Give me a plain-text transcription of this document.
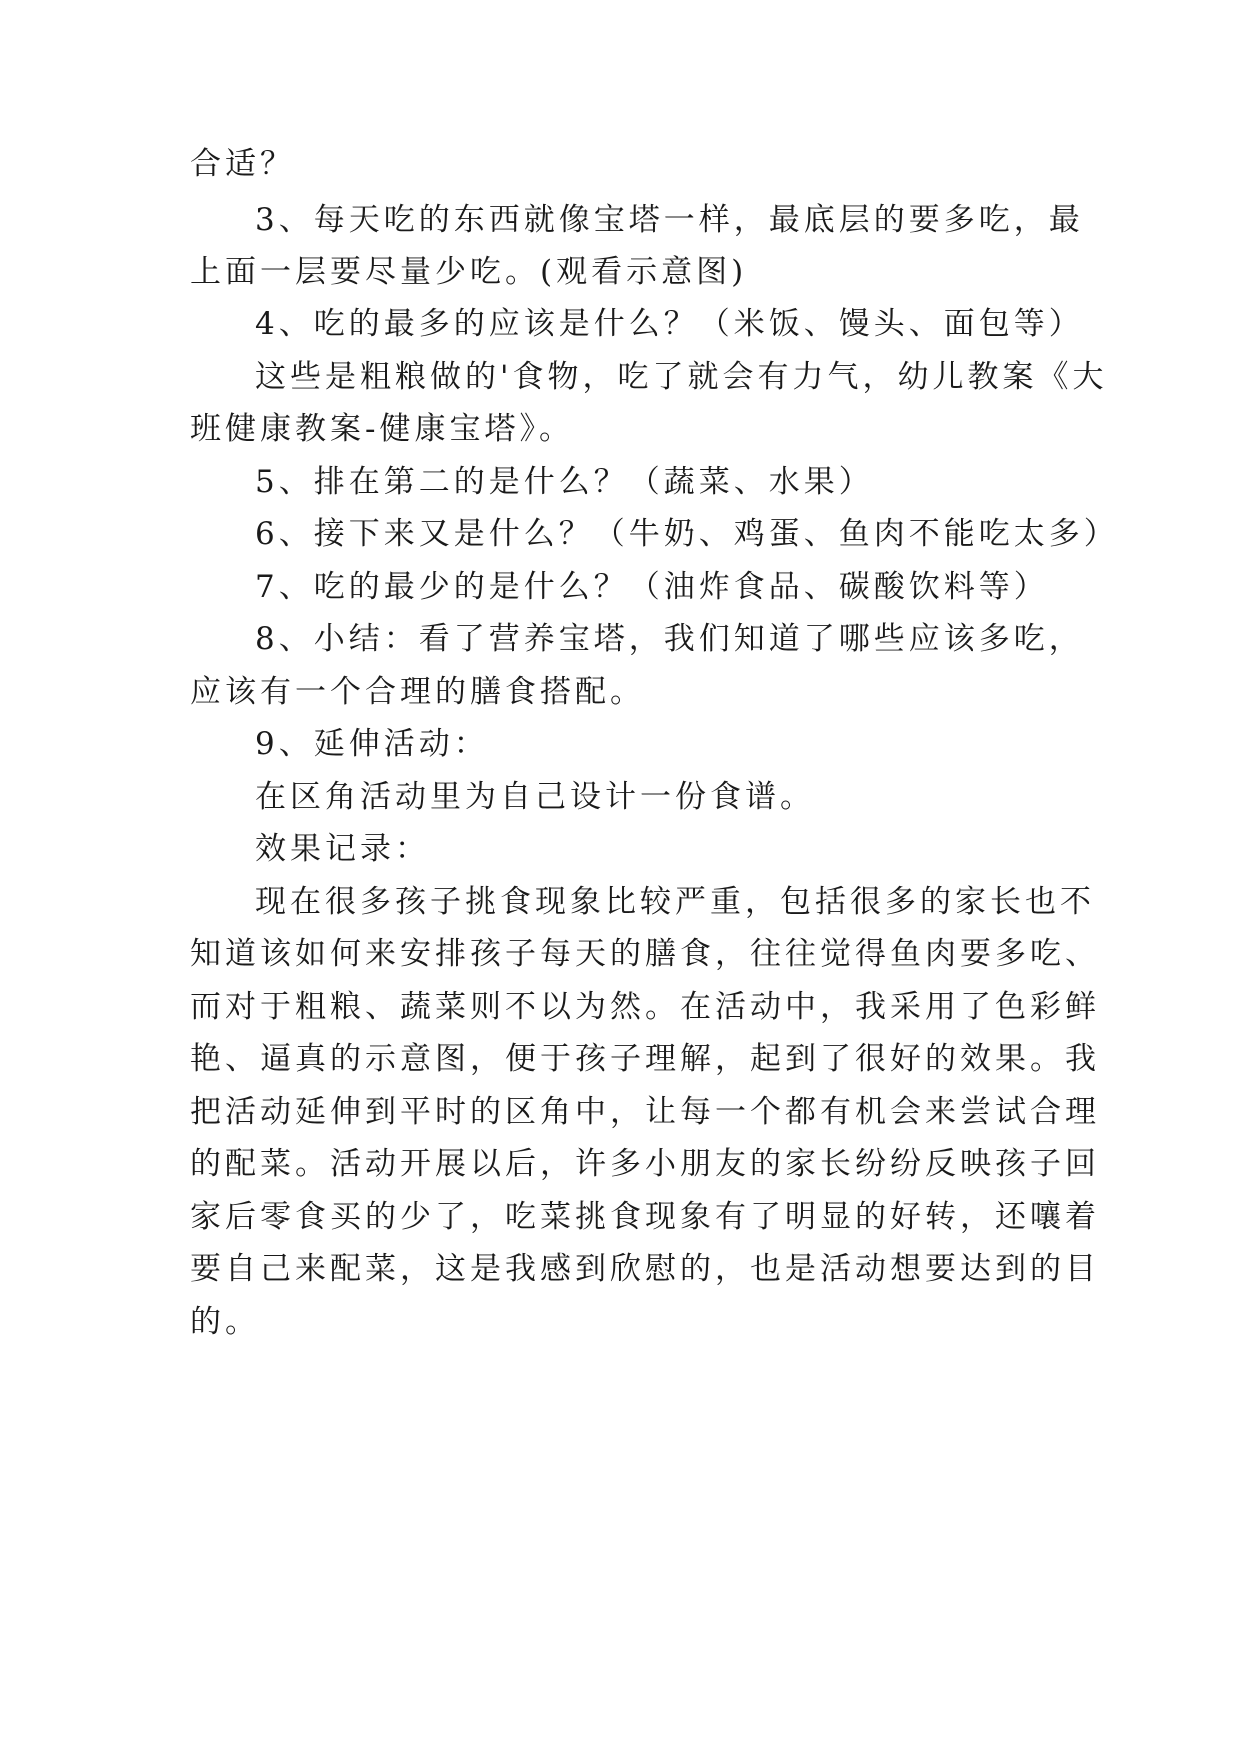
合适？
3、每天吃的东西就像宝塔一样，最底层的要多吃，最
上面一层要尽量少吃。(观看示意图)
4、吃的最多的应该是什么？（米饭、馒头、面包等）
这些是粗粮做的'食物，吃了就会有力气，幼儿教案《大
班健康教案-健康宝塔》。
5、排在第二的是什么？（蔬菜、水果）
6、接下来又是什么？（牛奶、鸡蛋、鱼肉不能吃太多）
7、吃的最少的是什么？（油炸食品、碳酸饮料等）
8、小结：看了营养宝塔，我们知道了哪些应该多吃，
应该有一个合理的膳食搭配。
9、延伸活动：
在区角活动里为自己设计一份食谱。
效果记录：
现在很多孩子挑食现象比较严重，包括很多的家长也不
知道该如何来安排孩子每天的膳食，往往觉得鱼肉要多吃、
而对于粗粮、蔬菜则不以为然。在活动中，我采用了色彩鲜
艳、逼真的示意图，便于孩子理解，起到了很好的效果。我
把活动延伸到平时的区角中，让每一个都有机会来尝试合理
的配菜。活动开展以后，许多小朋友的家长纷纷反映孩子回
家后零食买的少了，吃菜挑食现象有了明显的好转，还嚷着
要自己来配菜，这是我感到欣慰的，也是活动想要达到的目
的。
